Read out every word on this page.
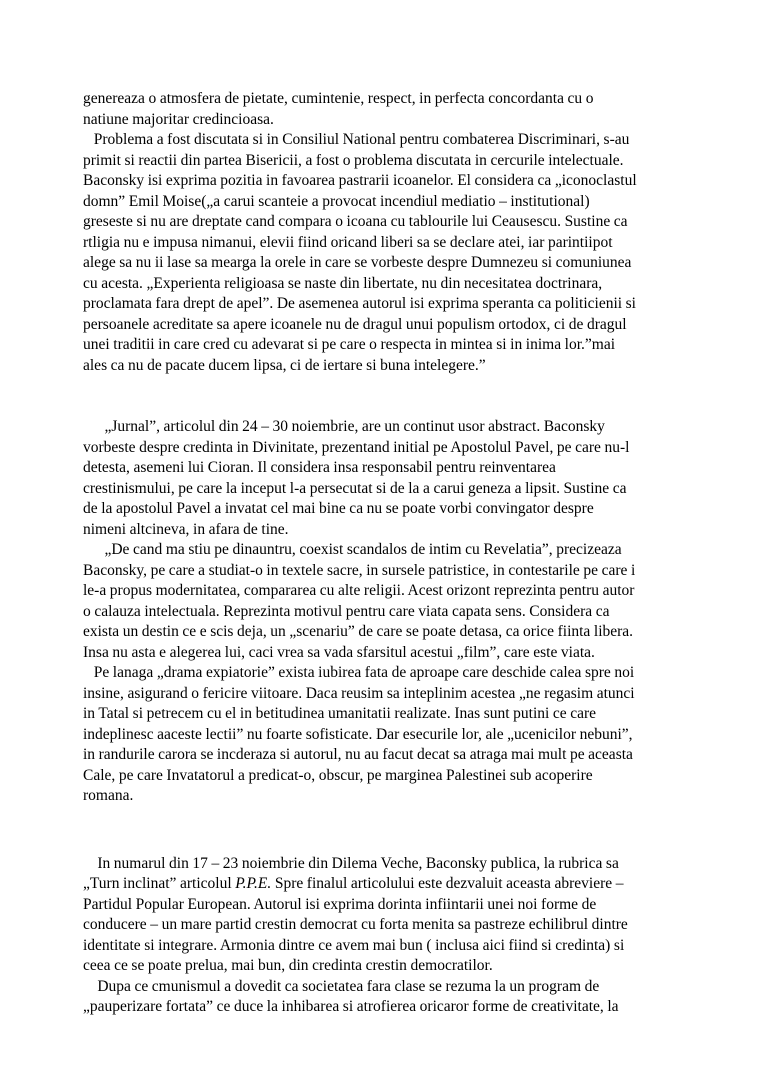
genereaza o atmosfera de pietate, cumintenie, respect, in perfecta concordanta cu o
natiune majoritar credincioasa.

Problema a fost discutata si in Consiliul National pentru combaterea Discriminari, s-au
primit si reactii din partea Bisericii, a fost o problema discutata in cercurile intelectuale.
Baconsky isi exprima pozitia in favoarea pastrarii icoanelor. El considera ca „iconoclastul
domn” Emil Moise(„a carui scanteie a provocat incendiul mediatio – institutional)
greseste si nu are dreptate cand compara o icoana cu tablourile lui Ceausescu. Sustine ca
rtligia nu e impusa nimanui, elevii fiind oricand liberi sa se declare atei, iar parintiipot
alege sa nu ii lase sa mearga la orele in care se vorbeste despre Dumnezeu si comuniunea
cu acesta. „Experienta religioasa se naste din libertate, nu din necesitatea doctrinara,
proclamata fara drept de apel”. De asemenea autorul isi exprima speranta ca politicienii si
persoanele acreditate sa apere icoanele nu de dragul unui populism ortodox, ci de dragul
unei traditii in care cred cu adevarat si pe care o respecta in mintea si in inima lor.”mai
ales ca nu de pacate ducem lipsa, ci de iertare si buna intelegere.”

„Jurnal”, articolul din 24 – 30 noiembrie, are un continut usor abstract. Baconsky
vorbeste despre credinta in Divinitate, prezentand initial pe Apostolul Pavel, pe care nu-l
detesta, asemeni lui Cioran. Il considera insa responsabil pentru reinventarea
crestinismului, pe care la inceput l-a persecutat si de la a carui geneza a lipsit. Sustine ca
de la apostolul Pavel a invatat cel mai bine ca nu se poate vorbi convingator despre
nimeni altcineva, in afara de tine.

„De cand ma stiu pe dinauntru, coexist scandalos de intim cu Revelatia”, precizeaza
Baconsky, pe care a studiat-o in textele sacre, in sursele patristice, in contestarile pe care i
le-a propus modernitatea, compararea cu alte religii. Acest orizont reprezinta pentru autor
o calauza intelectuala. Reprezinta motivul pentru care viata capata sens. Considera ca
exista un destin ce e scis deja, un „scenariu” de care se poate detasa, ca orice fiinta libera.
Insa nu asta e alegerea lui, caci vrea sa vada sfarsitul acestui „film”, care este viata.

Pe lanaga „drama expiatorie” exista iubirea fata de aproape care deschide calea spre noi
insine, asigurand o fericire viitoare. Daca reusim sa inteplinim acestea „ne regasim atunci
in Tatal si petrecem cu el in betitudinea umanitatii realizate. Inas sunt putini ce care
indeplinesc aaceste lectii” nu foarte sofisticate. Dar esecurile lor, ale „ucenicilor nebuni”,
in randurile carora se incderaza si autorul, nu au facut decat sa atraga mai mult pe aceasta
Cale, pe care Invatatorul a predicat-o, obscur, pe marginea Palestinei sub acoperire
romana.

In numarul din 17 – 23 noiembrie din Dilema Veche, Baconsky publica, la rubrica sa
„Turn inclinat” articolul P.P.E. Spre finalul articolului este dezvaluit aceasta abreviere –
Partidul Popular European. Autorul isi exprima dorinta infiintarii unei noi forme de
conducere – un mare partid crestin democrat cu forta menita sa pastreze echilibrul dintre
identitate si integrare. Armonia dintre ce avem mai bun ( inclusa aici fiind si credinta) si
ceea ce se poate prelua, mai bun, din credinta crestin democratilor.

Dupa ce cmunismul a dovedit ca societatea fara clase se rezuma la un program de
„pauperizare fortata” ce duce la inhibarea si atrofierea oricaror forme de creativitate, la
